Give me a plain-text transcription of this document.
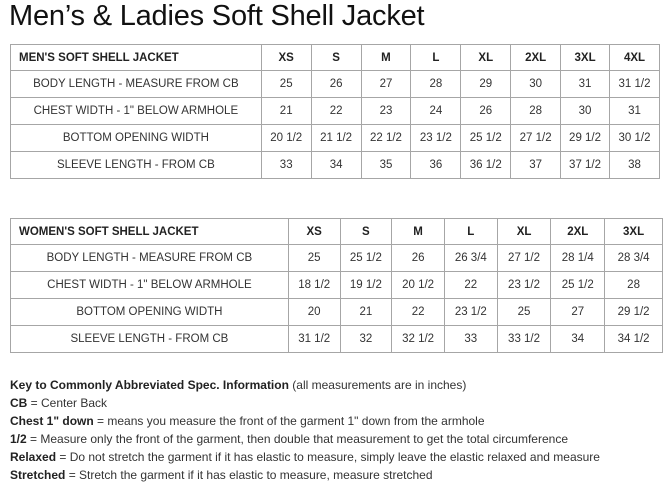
Men’s & Ladies Soft Shell Jacket
MEN'S SOFT SHELL JACKET	XS	S	M	L	XL	2XL	3XL	4XL
BODY LENGTH - MEASURE FROM CB	25	26	27	28	29	30	31	31 1/2
CHEST WIDTH - 1" BELOW ARMHOLE	21	22	23	24	26	28	30	31
BOTTOM OPENING WIDTH	20 1/2	21 1/2	22 1/2	23 1/2	25 1/2	27 1/2	29 1/2	30 1/2
SLEEVE LENGTH - FROM CB	33	34	35	36	36 1/2	37	37 1/2	38
WOMEN'S SOFT SHELL JACKET	XS	S	M	L	XL	2XL	3XL
BODY LENGTH - MEASURE FROM CB	25	25 1/2	26	26 3/4	27 1/2	28 1/4	28 3/4
CHEST WIDTH - 1" BELOW ARMHOLE	18 1/2	19 1/2	20 1/2	22	23 1/2	25 1/2	28
BOTTOM OPENING WIDTH	20	21	22	23 1/2	25	27	29 1/2
SLEEVE LENGTH - FROM CB	31 1/2	32	32 1/2	33	33 1/2	34	34 1/2
Key to Commonly Abbreviated Spec. Information (all measurements are in inches)
CB = Center Back
Chest 1" down = means you measure the front of the garment 1" down from the armhole
1/2 = Measure only the front of the garment, then double that measurement to get the total circumference
Relaxed = Do not stretch the garment if it has elastic to measure, simply leave the elastic relaxed and measure
Stretched = Stretch the garment if it has elastic to measure, measure stretched
